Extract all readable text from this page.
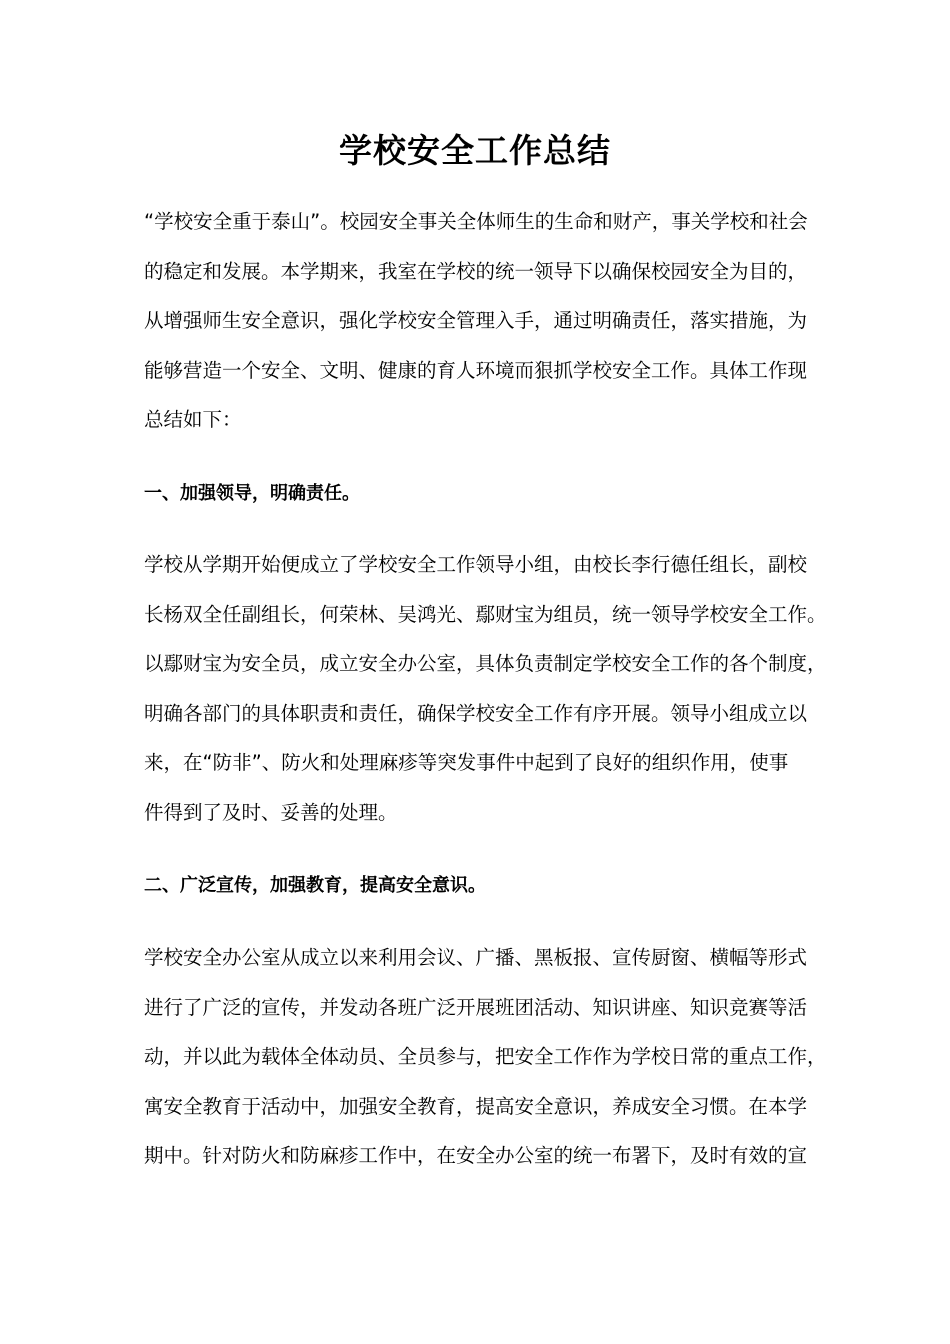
学校安全工作总结
“学校安全重于泰山”。校园安全事关全体师生的生命和财产，事关学校和社会
的稳定和发展。本学期来，我室在学校的统一领导下以确保校园安全为目的，
从增强师生安全意识，强化学校安全管理入手，通过明确责任，落实措施，为
能够营造一个安全、文明、健康的育人环境而狠抓学校安全工作。具体工作现
总结如下：
一、加强领导，明确责任。
学校从学期开始便成立了学校安全工作领导小组，由校长李行德任组长，副校
长杨双全任副组长，何荣林、吴鸿光、鄢财宝为组员，统一领导学校安全工作。
以鄢财宝为安全员，成立安全办公室，具体负责制定学校安全工作的各个制度，
明确各部门的具体职责和责任，确保学校安全工作有序开展。领导小组成立以
来，在“防非”、防火和处理麻疹等突发事件中起到了良好的组织作用，使事
件得到了及时、妥善的处理。
二、广泛宣传，加强教育，提高安全意识。
学校安全办公室从成立以来利用会议、广播、黑板报、宣传厨窗、横幅等形式
进行了广泛的宣传，并发动各班广泛开展班团活动、知识讲座、知识竞赛等活
动，并以此为载体全体动员、全员参与，把安全工作作为学校日常的重点工作，
寓安全教育于活动中，加强安全教育，提高安全意识，养成安全习惯。在本学
期中。针对防火和防麻疹工作中，在安全办公室的统一布署下，及时有效的宣
